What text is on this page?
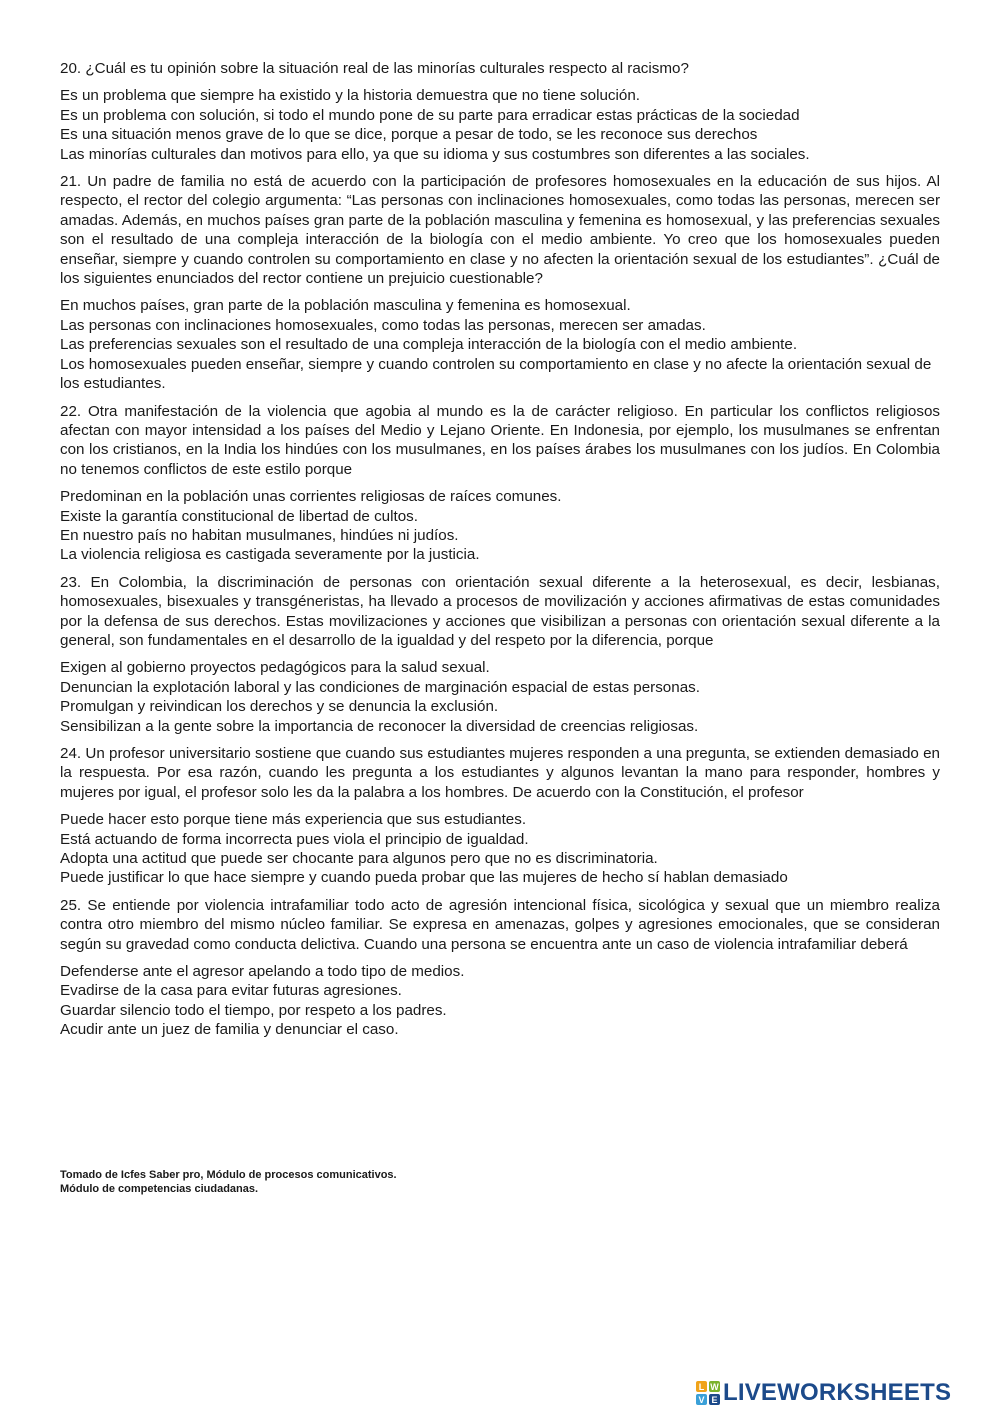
20. ¿Cuál es tu opinión sobre la situación real de las minorías culturales respecto al racismo?

Es un problema que siempre ha existido y la historia demuestra que no tiene solución.
Es un problema con solución, si todo el mundo pone de su parte para erradicar estas prácticas de la sociedad
Es una situación menos grave de lo que se dice, porque a pesar de todo, se les reconoce sus derechos
Las minorías culturales dan motivos para ello, ya que su idioma y sus costumbres son diferentes a las sociales.

21. Un padre de familia no está de acuerdo con la participación de profesores homosexuales en la educación de sus hijos. Al respecto, el rector del colegio argumenta: “Las personas con inclinaciones homosexuales, como todas las personas, merecen ser amadas. Además, en muchos países gran parte de la población masculina y femenina es homosexual, y las preferencias sexuales son el resultado de una compleja interacción de la biología con el medio ambiente. Yo creo que los homosexuales pueden enseñar, siempre y cuando controlen su comportamiento en clase y no afecten la orientación sexual de los estudiantes”. ¿Cuál de los siguientes enunciados del rector contiene un prejuicio cuestionable?

En muchos países, gran parte de la población masculina y femenina es homosexual.
Las personas con inclinaciones homosexuales, como todas las personas, merecen ser amadas.
Las preferencias sexuales son el resultado de una compleja interacción de la biología con el medio ambiente.
Los homosexuales pueden enseñar, siempre y cuando controlen su comportamiento en clase y no afecte la orientación sexual de los estudiantes.

22. Otra manifestación de la violencia que agobia al mundo es la de carácter religioso. En particular los conflictos religiosos afectan con mayor intensidad a los países del Medio y Lejano Oriente. En Indonesia, por ejemplo, los musulmanes se enfrentan con los cristianos, en la India los hindúes con los musulmanes, en los países árabes los musulmanes con los judíos. En Colombia no tenemos conflictos de este estilo porque

Predominan en la población unas corrientes religiosas de raíces comunes.
Existe la garantía constitucional de libertad de cultos.
En nuestro país no habitan musulmanes, hindúes ni judíos.
La violencia religiosa es castigada severamente por la justicia.

23. En Colombia, la discriminación de personas con orientación sexual diferente a la heterosexual, es decir, lesbianas, homosexuales, bisexuales y transgéneristas, ha llevado a procesos de movilización y acciones afirmativas de estas comunidades por la defensa de sus derechos. Estas movilizaciones y acciones que visibilizan a personas con orientación sexual diferente a la general, son fundamentales en el desarrollo de la igualdad y del respeto por la diferencia, porque

Exigen al gobierno proyectos pedagógicos para la salud sexual.
Denuncian la explotación laboral y las condiciones de marginación espacial de estas personas.
Promulgan y reivindican los derechos y se denuncia la exclusión.
Sensibilizan a la gente sobre la importancia de reconocer la diversidad de creencias religiosas.

24. Un profesor universitario sostiene que cuando sus estudiantes mujeres responden a una pregunta, se extienden demasiado en la respuesta. Por esa razón, cuando les pregunta a los estudiantes y algunos levantan la mano para responder, hombres y mujeres por igual, el profesor solo les da la palabra a los hombres. De acuerdo con la Constitución, el profesor

Puede hacer esto porque tiene más experiencia que sus estudiantes.
Está actuando de forma incorrecta pues viola el principio de igualdad.
Adopta una actitud que puede ser chocante para algunos pero que no es discriminatoria.
Puede justificar lo que hace siempre y cuando pueda probar que las mujeres de hecho sí hablan demasiado

25. Se entiende por violencia intrafamiliar todo acto de agresión intencional física, sicológica y sexual que un miembro realiza contra otro miembro del mismo núcleo familiar. Se expresa en amenazas, golpes y agresiones emocionales, que se consideran según su gravedad como conducta delictiva. Cuando una persona se encuentra ante un caso de violencia intrafamiliar deberá

Defenderse ante el agresor apelando a todo tipo de medios.
Evadirse de la casa para evitar futuras agresiones.
Guardar silencio todo el tiempo, por respeto a los padres.
Acudir ante un juez de familia y denunciar el caso.
Tomado de Icfes Saber pro, Módulo de procesos comunicativos.
Módulo de competencias ciudadanas.
L W
V E LIVEWORKSHEETS
